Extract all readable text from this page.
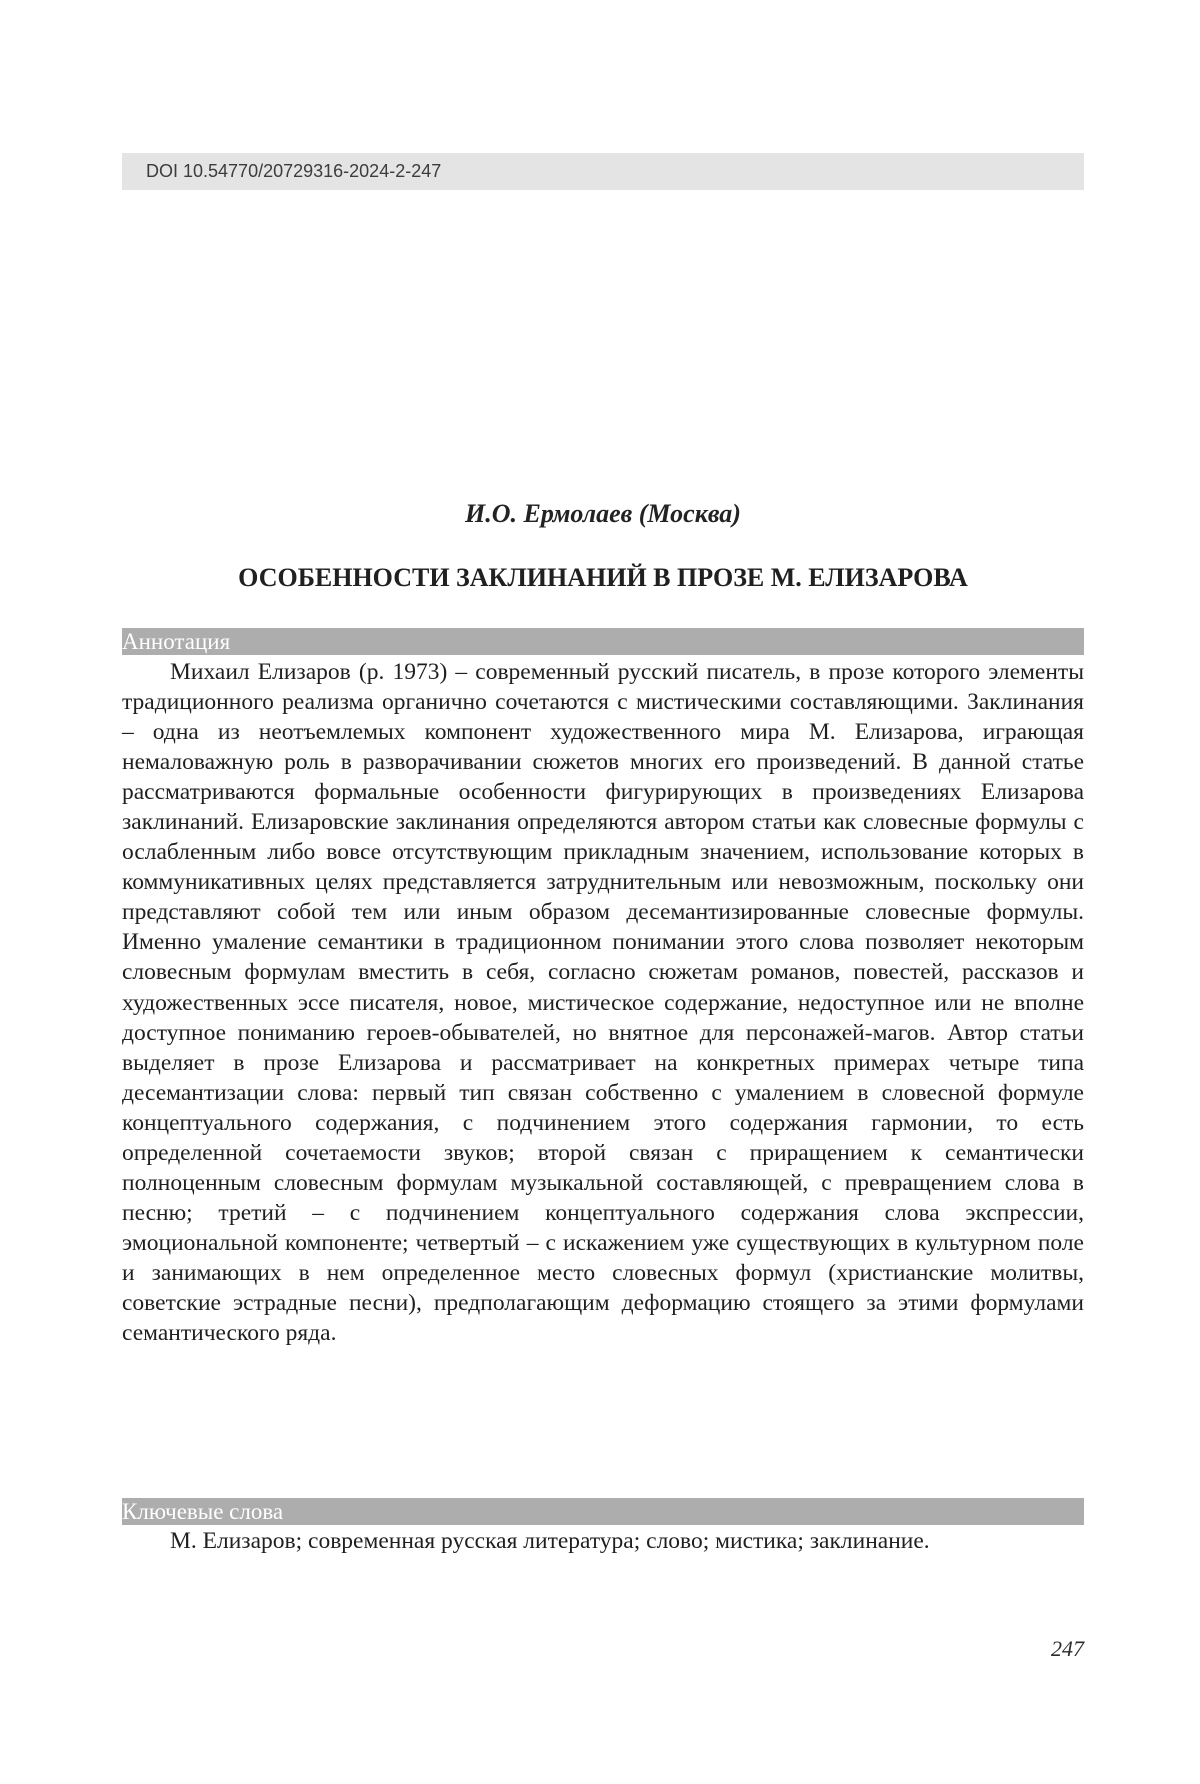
DOI 10.54770/20729316-2024-2-247
И.О. Ермолаев (Москва)
ОСОБЕННОСТИ ЗАКЛИНАНИЙ В ПРОЗЕ М. ЕЛИЗАРОВА
Аннотация

Михаил Елизаров (р. 1973) – современный русский писатель, в прозе которого элементы традиционного реализма органично сочетаются с мистическими составляющими. Заклинания – одна из неотъемлемых компонент художественного мира М. Елизарова, играющая немаловажную роль в разворачивании сюжетов многих его произведений. В данной статье рассматриваются формальные особенности фигурирующих в произведениях Елизарова заклинаний. Елизаровские заклинания определяются автором статьи как словесные формулы с ослабленным либо вовсе отсутствующим прикладным значением, использование которых в коммуникативных целях представляется затруднительным или невозможным, поскольку они представляют собой тем или иным образом десемантизированные словесные формулы. Именно умаление семантики в традиционном понимании этого слова позволяет некоторым словесным формулам вместить в себя, согласно сюжетам романов, повестей, рассказов и художественных эссе писателя, новое, мистическое содержание, недоступное или не вполне доступное пониманию героев-обывателей, но внятное для персонажей-магов. Автор статьи выделяет в прозе Елизарова и рассматривает на конкретных примерах четыре типа десемантизации слова: первый тип связан собственно с умалением в словесной формуле концептуального содержания, с подчинением этого содержания гармонии, то есть определенной сочетаемости звуков; второй связан с приращением к семантически полноценным словесным формулам музыкальной составляющей, с превращением слова в песню; третий – с подчинением концептуального содержания слова экспрессии, эмоциональной компоненте; четвертый – с искажением уже существующих в культурном поле и занимающих в нем определенное место словесных формул (христианские молитвы, советские эстрадные песни), предполагающим деформацию стоящего за этими формулами семантического ряда.

Ключевые слова

М. Елизаров; современная русская литература; слово; мистика; заклинание.

247
